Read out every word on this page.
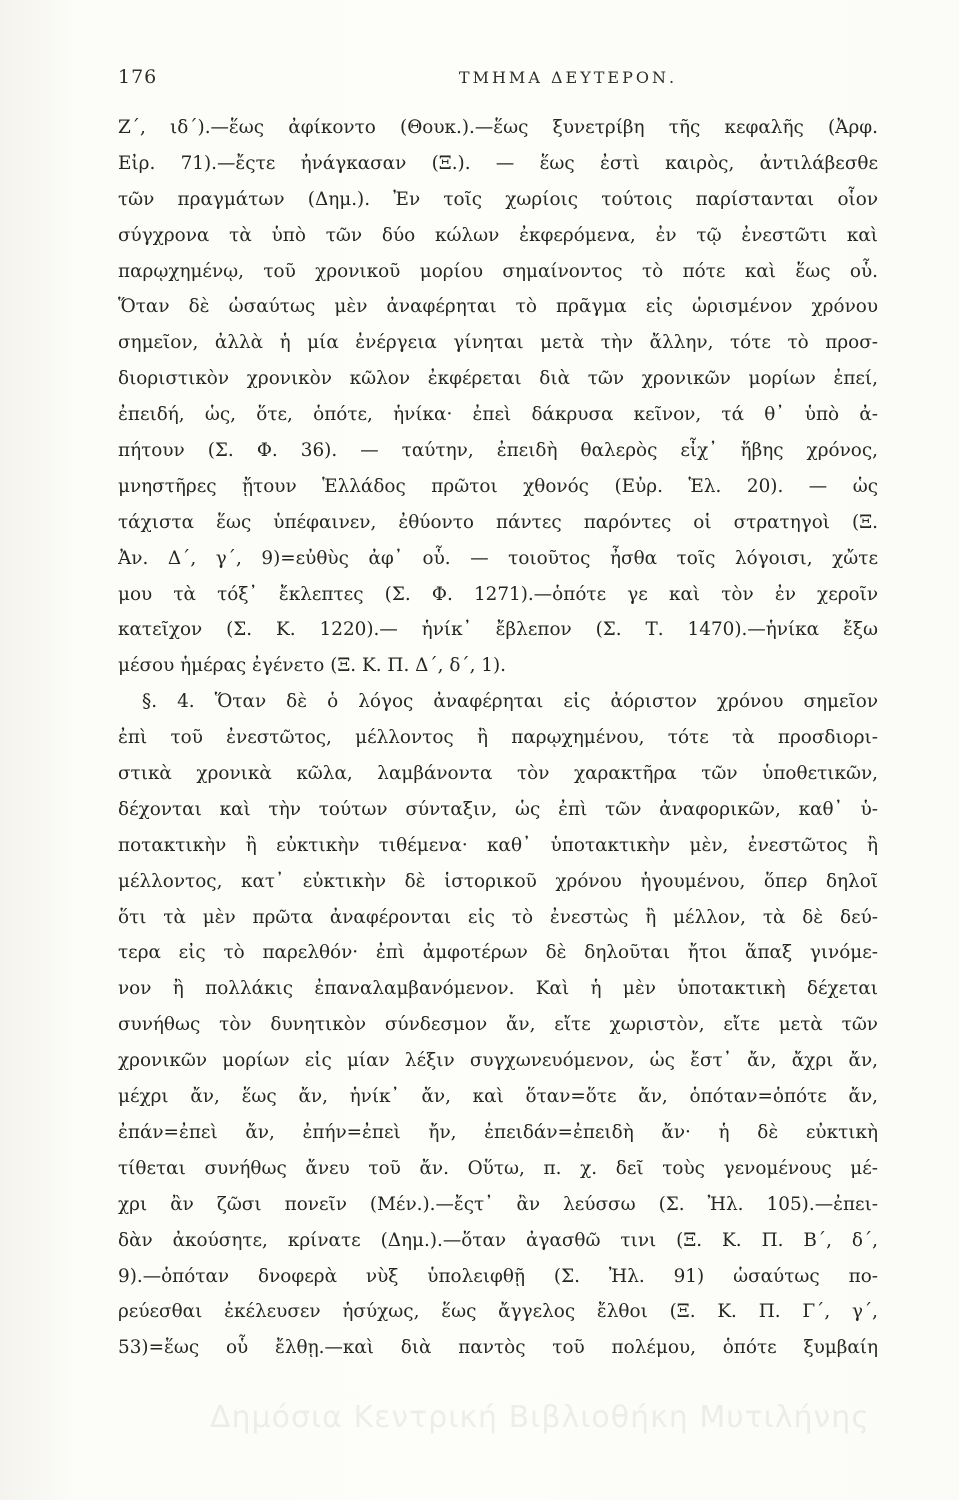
176	ΤΜΗΜΑ ΔΕΥΤΕΡΟΝ.
Ζ΄, ιδ΄).—ἕως ἀφίκοντο (Θουκ.).—ἕως ξυνετρίβη τῆς κεφαλῆς (Ἀρφ.
Εἰρ. 71).—ἔςτε ἠνάγκασαν (Ξ.). — ἕως ἐστὶ καιρὸς, ἀντιλάβεσθε
τῶν πραγμάτων (Δημ.). Ἐν τοῖς χωρίοις τούτοις παρίστανται οἷον
σύγχρονα τὰ ὑπὸ τῶν δύο κώλων ἐκφερόμενα, ἐν τῷ ἐνεστῶτι καὶ
παρῳχημένῳ, τοῦ χρονικοῦ μορίου σημαίνοντος τὸ πότε καὶ ἕως οὗ.
Ὅταν δὲ ὡσαύτως μὲν ἀναφέρηται τὸ πρᾶγμα εἰς ὡρισμένον χρόνου
σημεῖον, ἀλλὰ ἡ μία ἐνέργεια γίνηται μετὰ τὴν ἄλλην, τότε τὸ προσ-
διοριστικὸν χρονικὸν κῶλον ἐκφέρεται διὰ τῶν χρονικῶν μορίων ἐπεί,
ἐπειδή, ὡς, ὅτε, ὁπότε, ἡνίκα· ἐπεὶ δάκρυσα κεῖνον, τά θ᾽ ὑπὸ ἀ-
πήτουν (Σ. Φ. 36). — ταύτην, ἐπειδὴ θαλερὸς εἶχ᾽ ἥβης χρόνος,
μνηστῆρες ᾔτουν Ἑλλάδος πρῶτοι χθονός (Εὐρ. Ἑλ. 20). — ὡς
τάχιστα ἕως ὑπέφαινεν, ἐθύοντο πάντες παρόντες οἱ στρατηγοὶ (Ξ.
Ἀν. Δ΄, γ΄, 9)=εὐθὺς ἀφ᾽ οὗ. — τοιοῦτος ἦσθα τοῖς λόγοισι, χὤτε
μου τὰ τόξ᾽ ἔκλεπτες (Σ. Φ. 1271).—ὁπότε γε καὶ τὸν ἐν χεροῖν
κατεῖχον (Σ. Κ. 1220).— ἡνίκ᾽ ἔβλεπον (Σ. Τ. 1470).—ἡνίκα ἔξω
μέσου ἡμέρας ἐγένετο (Ξ. Κ. Π. Δ΄, δ΄, 1).
§. 4. Ὅταν δὲ ὁ λόγος ἀναφέρηται εἰς ἀόριστον χρόνου σημεῖον
ἐπὶ τοῦ ἐνεστῶτος, μέλλοντος ἢ παρῳχημένου, τότε τὰ προσδιορι-
στικὰ χρονικὰ κῶλα, λαμβάνοντα τὸν χαρακτῆρα τῶν ὑποθετικῶν,
δέχονται καὶ τὴν τούτων σύνταξιν, ὡς ἐπὶ τῶν ἀναφορικῶν, καθ᾽ ὑ-
ποτακτικὴν ἢ εὐκτικὴν τιθέμενα· καθ᾽ ὑποτακτικὴν μὲν, ἐνεστῶτος ἢ
μέλλοντος, κατ᾽ εὐκτικὴν δὲ ἱστορικοῦ χρόνου ἡγουμένου, ὅπερ δηλοῖ
ὅτι τὰ μὲν πρῶτα ἀναφέρονται εἰς τὸ ἐνεστὼς ἢ μέλλον, τὰ δὲ δεύ-
τερα εἰς τὸ παρελθόν· ἐπὶ ἀμφοτέρων δὲ δηλοῦται ἤτοι ἅπαξ γινόμε-
νον ἢ πολλάκις ἐπαναλαμβανόμενον. Καὶ ἡ μὲν ὑποτακτικὴ δέχεται
συνήθως τὸν δυνητικὸν σύνδεσμον ἄν, εἴτε χωριστὸν, εἴτε μετὰ τῶν
χρονικῶν μορίων εἰς μίαν λέξιν συγχωνευόμενον, ὡς ἔστ᾽ ἄν, ἄχρι ἄν,
μέχρι ἄν, ἕως ἄν, ἡνίκ᾽ ἄν, καὶ ὅταν=ὅτε ἄν, ὁπόταν=ὁπότε ἄν,
ἐπάν=ἐπεὶ ἄν, ἐπήν=ἐπεὶ ἤν, ἐπειδάν=ἐπειδὴ ἄν· ἡ δὲ εὐκτικὴ
τίθεται συνήθως ἄνευ τοῦ ἄν. Οὕτω, π. χ. δεῖ τοὺς γενομένους μέ-
χρι ἂν ζῶσι πονεῖν (Μέν.).—ἔςτ᾽ ἂν λεύσσω (Σ. Ἠλ. 105).—ἐπει-
δὰν ἀκούσητε, κρίνατε (Δημ.).—ὅταν ἀγασθῶ τινι (Ξ. Κ. Π. Β΄, δ΄,
9).—ὁπόταν δνοφερὰ νὺξ ὑπολειφθῇ (Σ. Ἠλ. 91) ὡσαύτως πο-
ρεύεσθαι ἐκέλευσεν ἡσύχως, ἕως ἄγγελος ἔλθοι (Ξ. Κ. Π. Γ΄, γ΄,
53)=ἕως οὗ ἔλθῃ.—καὶ διὰ παντὸς τοῦ πολέμου, ὁπότε ξυμβαίη
Δημόσια Κεντρική Βιβλιοθήκη Μυτιλήνης
